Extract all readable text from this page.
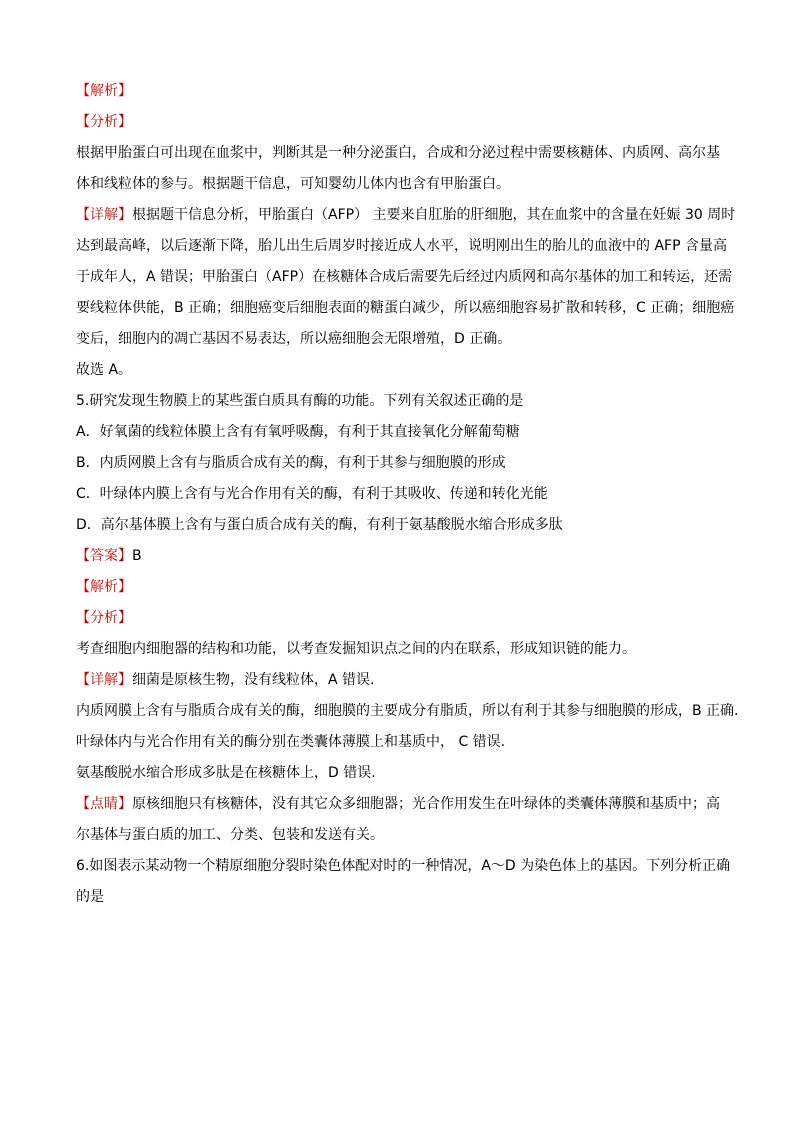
【解析】
【分析】
根据甲胎蛋白可出现在血浆中，判断其是一种分泌蛋白，合成和分泌过程中需要核糖体、内质网、高尔基
体和线粒体的参与。根据题干信息，可知婴幼儿体内也含有甲胎蛋白。
【详解】根据题干信息分析，甲胎蛋白（AFP） 主要来自肛胎的肝细胞，其在血浆中的含量在妊娠 30 周时
达到最高峰，以后逐渐下降，胎儿出生后周岁时接近成人水平，说明刚出生的胎儿的血液中的 AFP 含量高
于成年人，A 错误；甲胎蛋白（AFP）在核糖体合成后需要先后经过内质网和高尔基体的加工和转运，还需
要线粒体供能，B 正确；细胞癌变后细胞表面的糖蛋白减少，所以癌细胞容易扩散和转移，C 正确；细胞癌
变后，细胞内的凋亡基因不易表达，所以癌细胞会无限增殖，D 正确。
故选 A。
5.研究发现生物膜上的某些蛋白质具有酶的功能。下列有关叙述正确的是
A．好氧菌的线粒体膜上含有有氧呼吸酶，有利于其直接氧化分解葡萄糖
B．内质网膜上含有与脂质合成有关的酶，有利于其参与细胞膜的形成
C．叶绿体内膜上含有与光合作用有关的酶，有利于其吸收、传递和转化光能
D．高尔基体膜上含有与蛋白质合成有关的酶，有利于氨基酸脱水缩合形成多肽
【答案】B
【解析】
【分析】
考查细胞内细胞器的结构和功能，以考查发掘知识点之间的内在联系，形成知识链的能力。
【详解】细菌是原核生物，没有线粒体，A 错误.
内质网膜上含有与脂质合成有关的酶，细胞膜的主要成分有脂质，所以有利于其参与细胞膜的形成，B 正确.
叶绿体内与光合作用有关的酶分别在类囊体薄膜上和基质中， C 错误.
氨基酸脱水缩合形成多肽是在核糖体上，D 错误.
【点睛】原核细胞只有核糖体，没有其它众多细胞器；光合作用发生在叶绿体的类囊体薄膜和基质中；高
尔基体与蛋白质的加工、分类、包装和发送有关。
6.如图表示某动物一个精原细胞分裂时染色体配对时的一种情况，A～D 为染色体上的基因。下列分析正确
的是
